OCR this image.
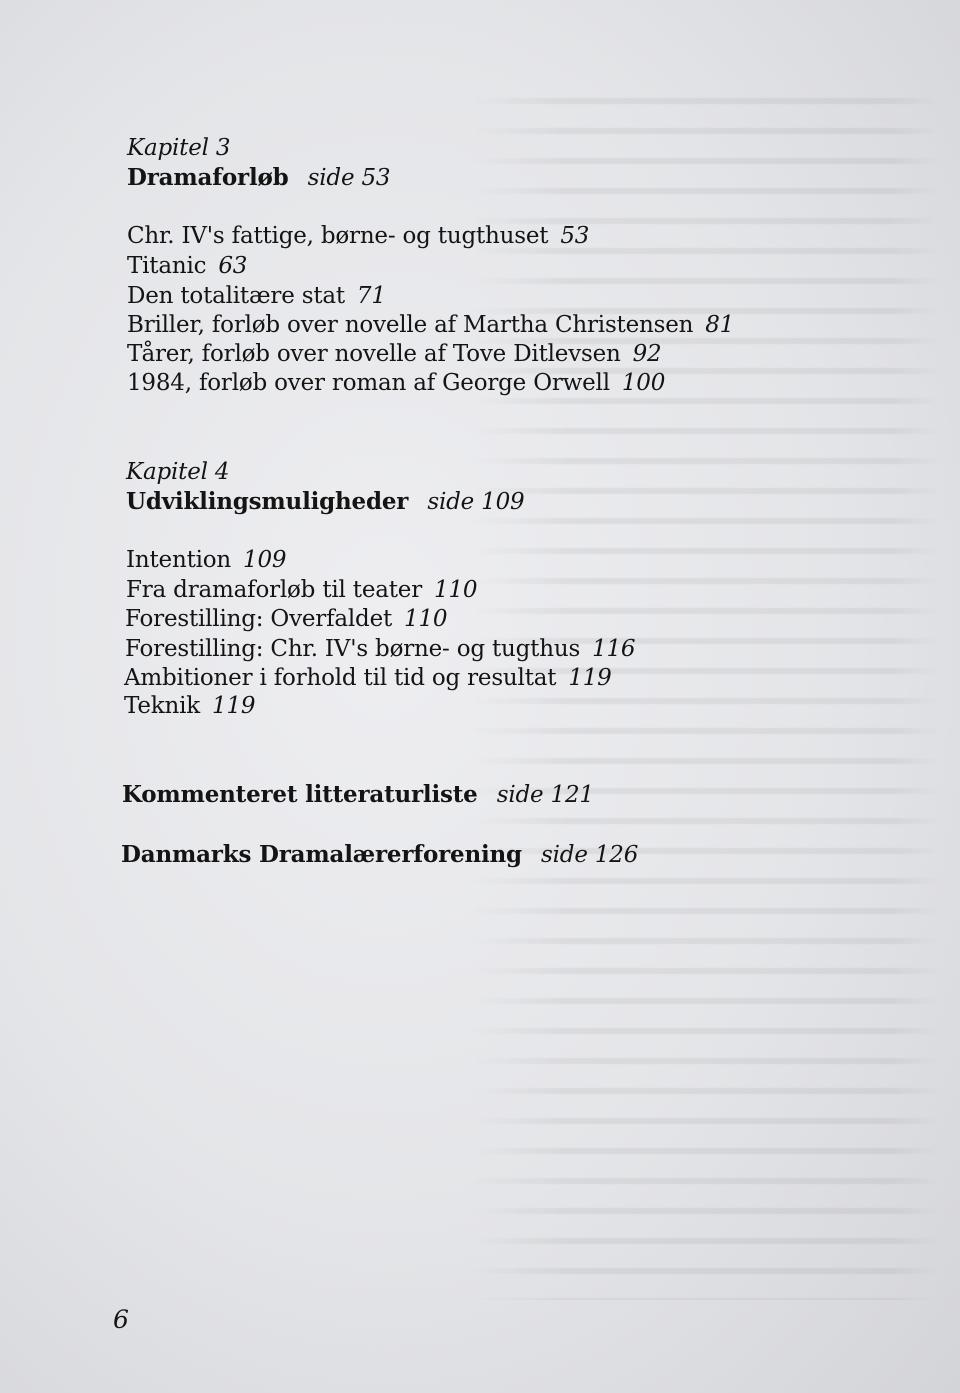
Kapitel 3
Dramaforløb side 53
Chr. IV's fattige, børne- og tugthuset 53
Titanic 63
Den totalitære stat 71
Briller, forløb over novelle af Martha Christensen 81
Tårer, forløb over novelle af Tove Ditlevsen 92
1984, forløb over roman af George Orwell 100
Kapitel 4
Udviklingsmuligheder side 109
Intention 109
Fra dramaforløb til teater 110
Forestilling: Overfaldet 110
Forestilling: Chr. IV's børne- og tugthus 116
Ambitioner i forhold til tid og resultat 119
Teknik 119
Kommenteret litteraturliste side 121
Danmarks Dramalærerforening side 126
6
